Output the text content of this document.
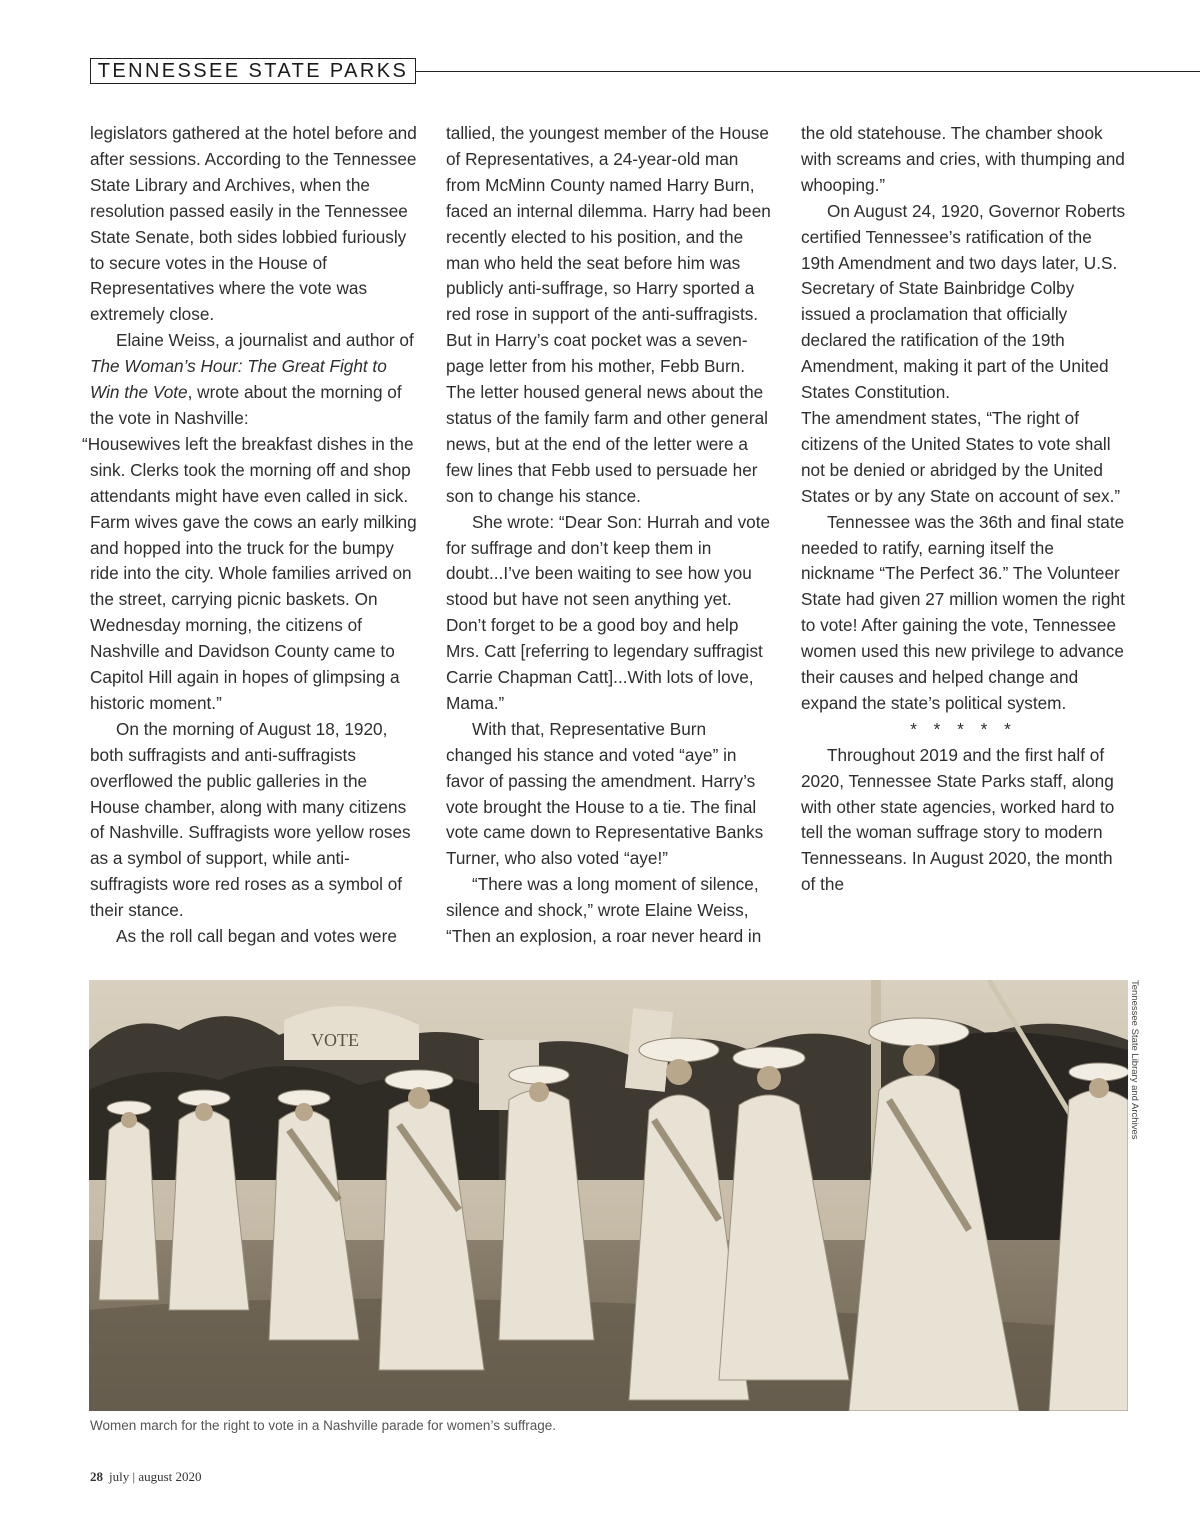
TENNESSEE STATE PARKS

legislators gathered at the hotel before and after sessions. According to the Tennessee State Library and Archives, when the resolution passed easily in the Tennessee State Senate, both sides lobbied furiously to secure votes in the House of Representatives where the vote was extremely close.

Elaine Weiss, a journalist and author of The Woman’s Hour: The Great Fight to Win the Vote, wrote about the morning of the vote in Nashville:

“Housewives left the breakfast dishes in the sink. Clerks took the morning off and shop attendants might have even called in sick. Farm wives gave the cows an early milking and hopped into the truck for the bumpy ride into the city. Whole families arrived on the street, carrying picnic baskets. On Wednesday morning, the citizens of Nashville and Davidson County came to Capitol Hill again in hopes of glimpsing a historic moment.”

On the morning of August 18, 1920, both suffragists and anti-suffragists overflowed the public galleries in the House chamber, along with many citizens of Nashville. Suffragists wore yellow roses as a symbol of support, while anti-suffragists wore red roses as a symbol of their stance.

As the roll call began and votes were

tallied, the youngest member of the House of Representatives, a 24-year-old man from McMinn County named Harry Burn, faced an internal dilemma. Harry had been recently elected to his position, and the man who held the seat before him was publicly anti-suffrage, so Harry sported a red rose in support of the anti-suffragists. But in Harry’s coat pocket was a seven-page letter from his mother, Febb Burn. The letter housed general news about the status of the family farm and other general news, but at the end of the letter were a few lines that Febb used to persuade her son to change his stance.

She wrote: “Dear Son: Hurrah and vote for suffrage and don’t keep them in doubt...I’ve been waiting to see how you stood but have not seen anything yet. Don’t forget to be a good boy and help Mrs. Catt [referring to legendary suffragist Carrie Chapman Catt]...With lots of love, Mama.”

With that, Representative Burn changed his stance and voted “aye” in favor of passing the amendment. Harry’s vote brought the House to a tie. The final vote came down to Representative Banks Turner, who also voted “aye!”

“There was a long moment of silence, silence and shock,” wrote Elaine Weiss, “Then an explosion, a roar never heard in

the old statehouse. The chamber shook with screams and cries, with thumping and whooping.”

On August 24, 1920, Governor Roberts certified Tennessee’s ratification of the 19th Amendment and two days later, U.S. Secretary of State Bainbridge Colby issued a proclamation that officially declared the ratification of the 19th Amendment, making it part of the United States Constitution.

The amendment states, “The right of citizens of the United States to vote shall not be denied or abridged by the United States or by any State on account of sex.”

Tennessee was the 36th and final state needed to ratify, earning itself the nickname “The Perfect 36.” The Volunteer State had given 27 million women the right to vote! After gaining the vote, Tennessee women used this new privilege to advance their causes and helped change and expand the state’s political system.

* * * * *

Throughout 2019 and the first half of 2020, Tennessee State Parks staff, along with other state agencies, worked hard to tell the woman suffrage story to modern Tennesseans. In August 2020, the month of the

VOTE	Tennessee State Library and Archives
Women march for the right to vote in a Nashville parade for women’s suffrage.
28 july | august 2020
